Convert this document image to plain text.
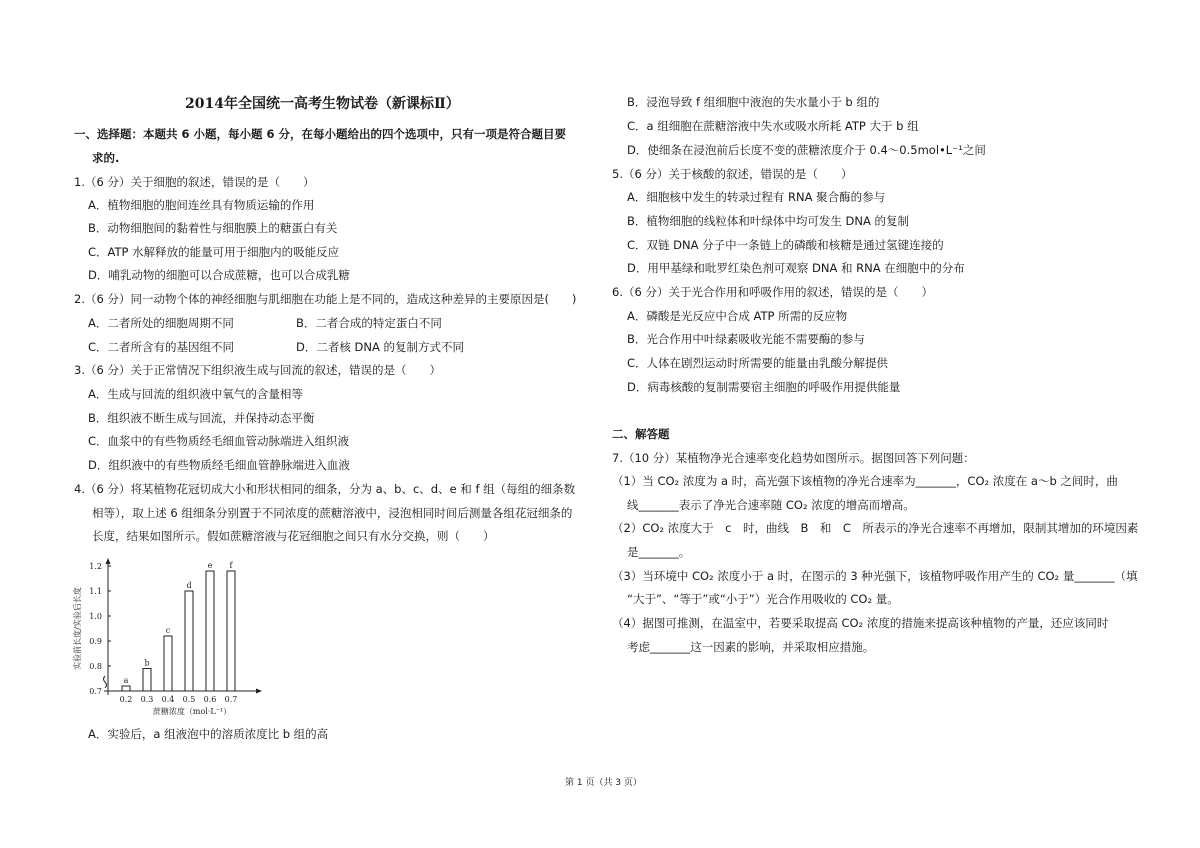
2014年全国统一高考生物试卷（新课标Ⅱ）
一、选择题：本题共 6 小题，每小题 6 分，在每小题给出的四个选项中，只有一项是符合题目要
求的.
1.（6 分）关于细胞的叙述，错误的是（　　）
A．植物细胞的胞间连丝具有物质运输的作用
B．动物细胞间的黏着性与细胞膜上的糖蛋白有关
C．ATP 水解释放的能量可用于细胞内的吸能反应
D．哺乳动物的细胞可以合成蔗糖，也可以合成乳糖
2.（6 分）同一动物个体的神经细胞与肌细胞在功能上是不同的，造成这种差异的主要原因是(　　)
A．二者所处的细胞周期不同	B．二者合成的特定蛋白不同
C．二者所含有的基因组不同	D．二者核 DNA 的复制方式不同
3.（6 分）关于正常情况下组织液生成与回流的叙述，错误的是（　　）
A．生成与回流的组织液中氧气的含量相等
B．组织液不断生成与回流，并保持动态平衡
C．血浆中的有些物质经毛细血管动脉端进入组织液
D．组织液中的有些物质经毛细血管静脉端进入血液
4.（6 分）将某植物花冠切成大小和形状相同的细条，分为 a、b、c、d、e 和 f 组（每组的细条数
相等），取上述 6 组细条分别置于不同浓度的蔗糖溶液中，浸泡相同时间后测量各组花冠细条的
长度，结果如图所示。假如蔗糖溶液与花冠细胞之间只有水分交换，则（　　）
0.7
0.8
0.9
1.0
1.1
1.2
a
0.2
b
0.3
c
0.4
d
0.5
e
0.6
f
0.7
蔗糖浓度（mol·L⁻¹）
实验前长度/实验后长度
A．实验后，a 组液泡中的溶质浓度比 b 组的高
B．浸泡导致 f 组细胞中液泡的失水量小于 b 组的
C．a 组细胞在蔗糖溶液中失水或吸水所耗 ATP 大于 b 组
D．使细条在浸泡前后长度不变的蔗糖浓度介于 0.4～0.5mol•L⁻¹之间
5.（6 分）关于核酸的叙述，错误的是（　　）
A．细胞核中发生的转录过程有 RNA 聚合酶的参与
B．植物细胞的线粒体和叶绿体中均可发生 DNA 的复制
C．双链 DNA 分子中一条链上的磷酸和核糖是通过氢键连接的
D．用甲基绿和吡罗红染色剂可观察 DNA 和 RNA 在细胞中的分布
6.（6 分）关于光合作用和呼吸作用的叙述，错误的是（　　）
A．磷酸是光反应中合成 ATP 所需的反应物
B．光合作用中叶绿素吸收光能不需要酶的参与
C．人体在剧烈运动时所需要的能量由乳酸分解提供
D．病毒核酸的复制需要宿主细胞的呼吸作用提供能量
二、解答题
7.（10 分）某植物净光合速率变化趋势如图所示。据图回答下列问题：
（1）当 CO₂ 浓度为 a 时，高光强下该植物的净光合速率为_______，CO₂ 浓度在 a～b 之间时，曲
线_______表示了净光合速率随 CO₂ 浓度的增高而增高。
（2）CO₂ 浓度大于　c　时，曲线　B　和　C　所表示的净光合速率不再增加，限制其增加的环境因素
是_______。
（3）当环境中 CO₂ 浓度小于 a 时，在图示的 3 种光强下，该植物呼吸作用产生的 CO₂ 量_______（填
“大于”、“等于”或“小于”）光合作用吸收的 CO₂ 量。
（4）据图可推测，在温室中，若要采取提高 CO₂ 浓度的措施来提高该种植物的产量，还应该同时
考虑_______这一因素的影响，并采取相应措施。
第 1 页（共 3 页）
